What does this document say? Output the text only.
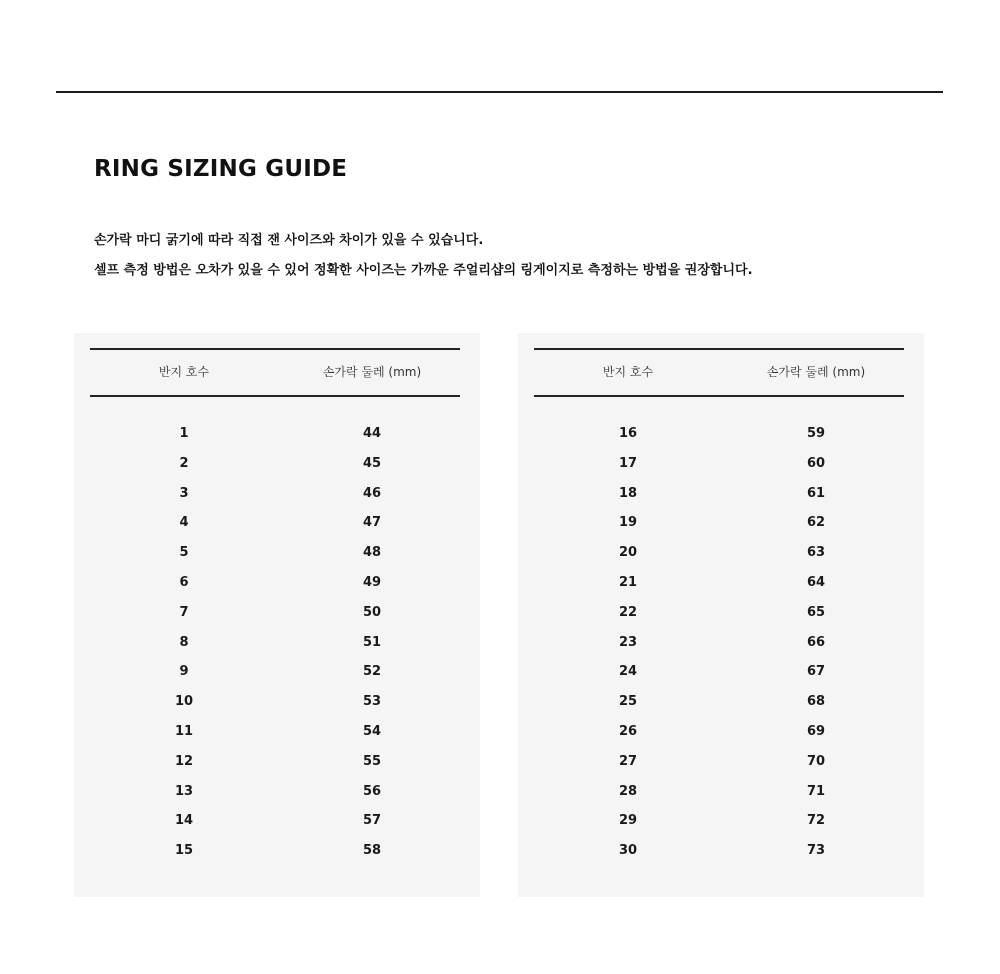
RING SIZING GUIDE
손가락 마디 굵기에 따라 직접 잰 사이즈와 차이가 있을 수 있습니다.
셀프 측정 방법은 오차가 있을 수 있어 정확한 사이즈는 가까운 주얼리샵의 링게이지로 측정하는 방법을 권장합니다.
반지 호수	손가락 둘레 (mm)
1	44
2	45
3	46
4	47
5	48
6	49
7	50
8	51
9	52
10	53
11	54
12	55
13	56
14	57
15	58
반지 호수	손가락 둘레 (mm)
16	59
17	60
18	61
19	62
20	63
21	64
22	65
23	66
24	67
25	68
26	69
27	70
28	71
29	72
30	73
